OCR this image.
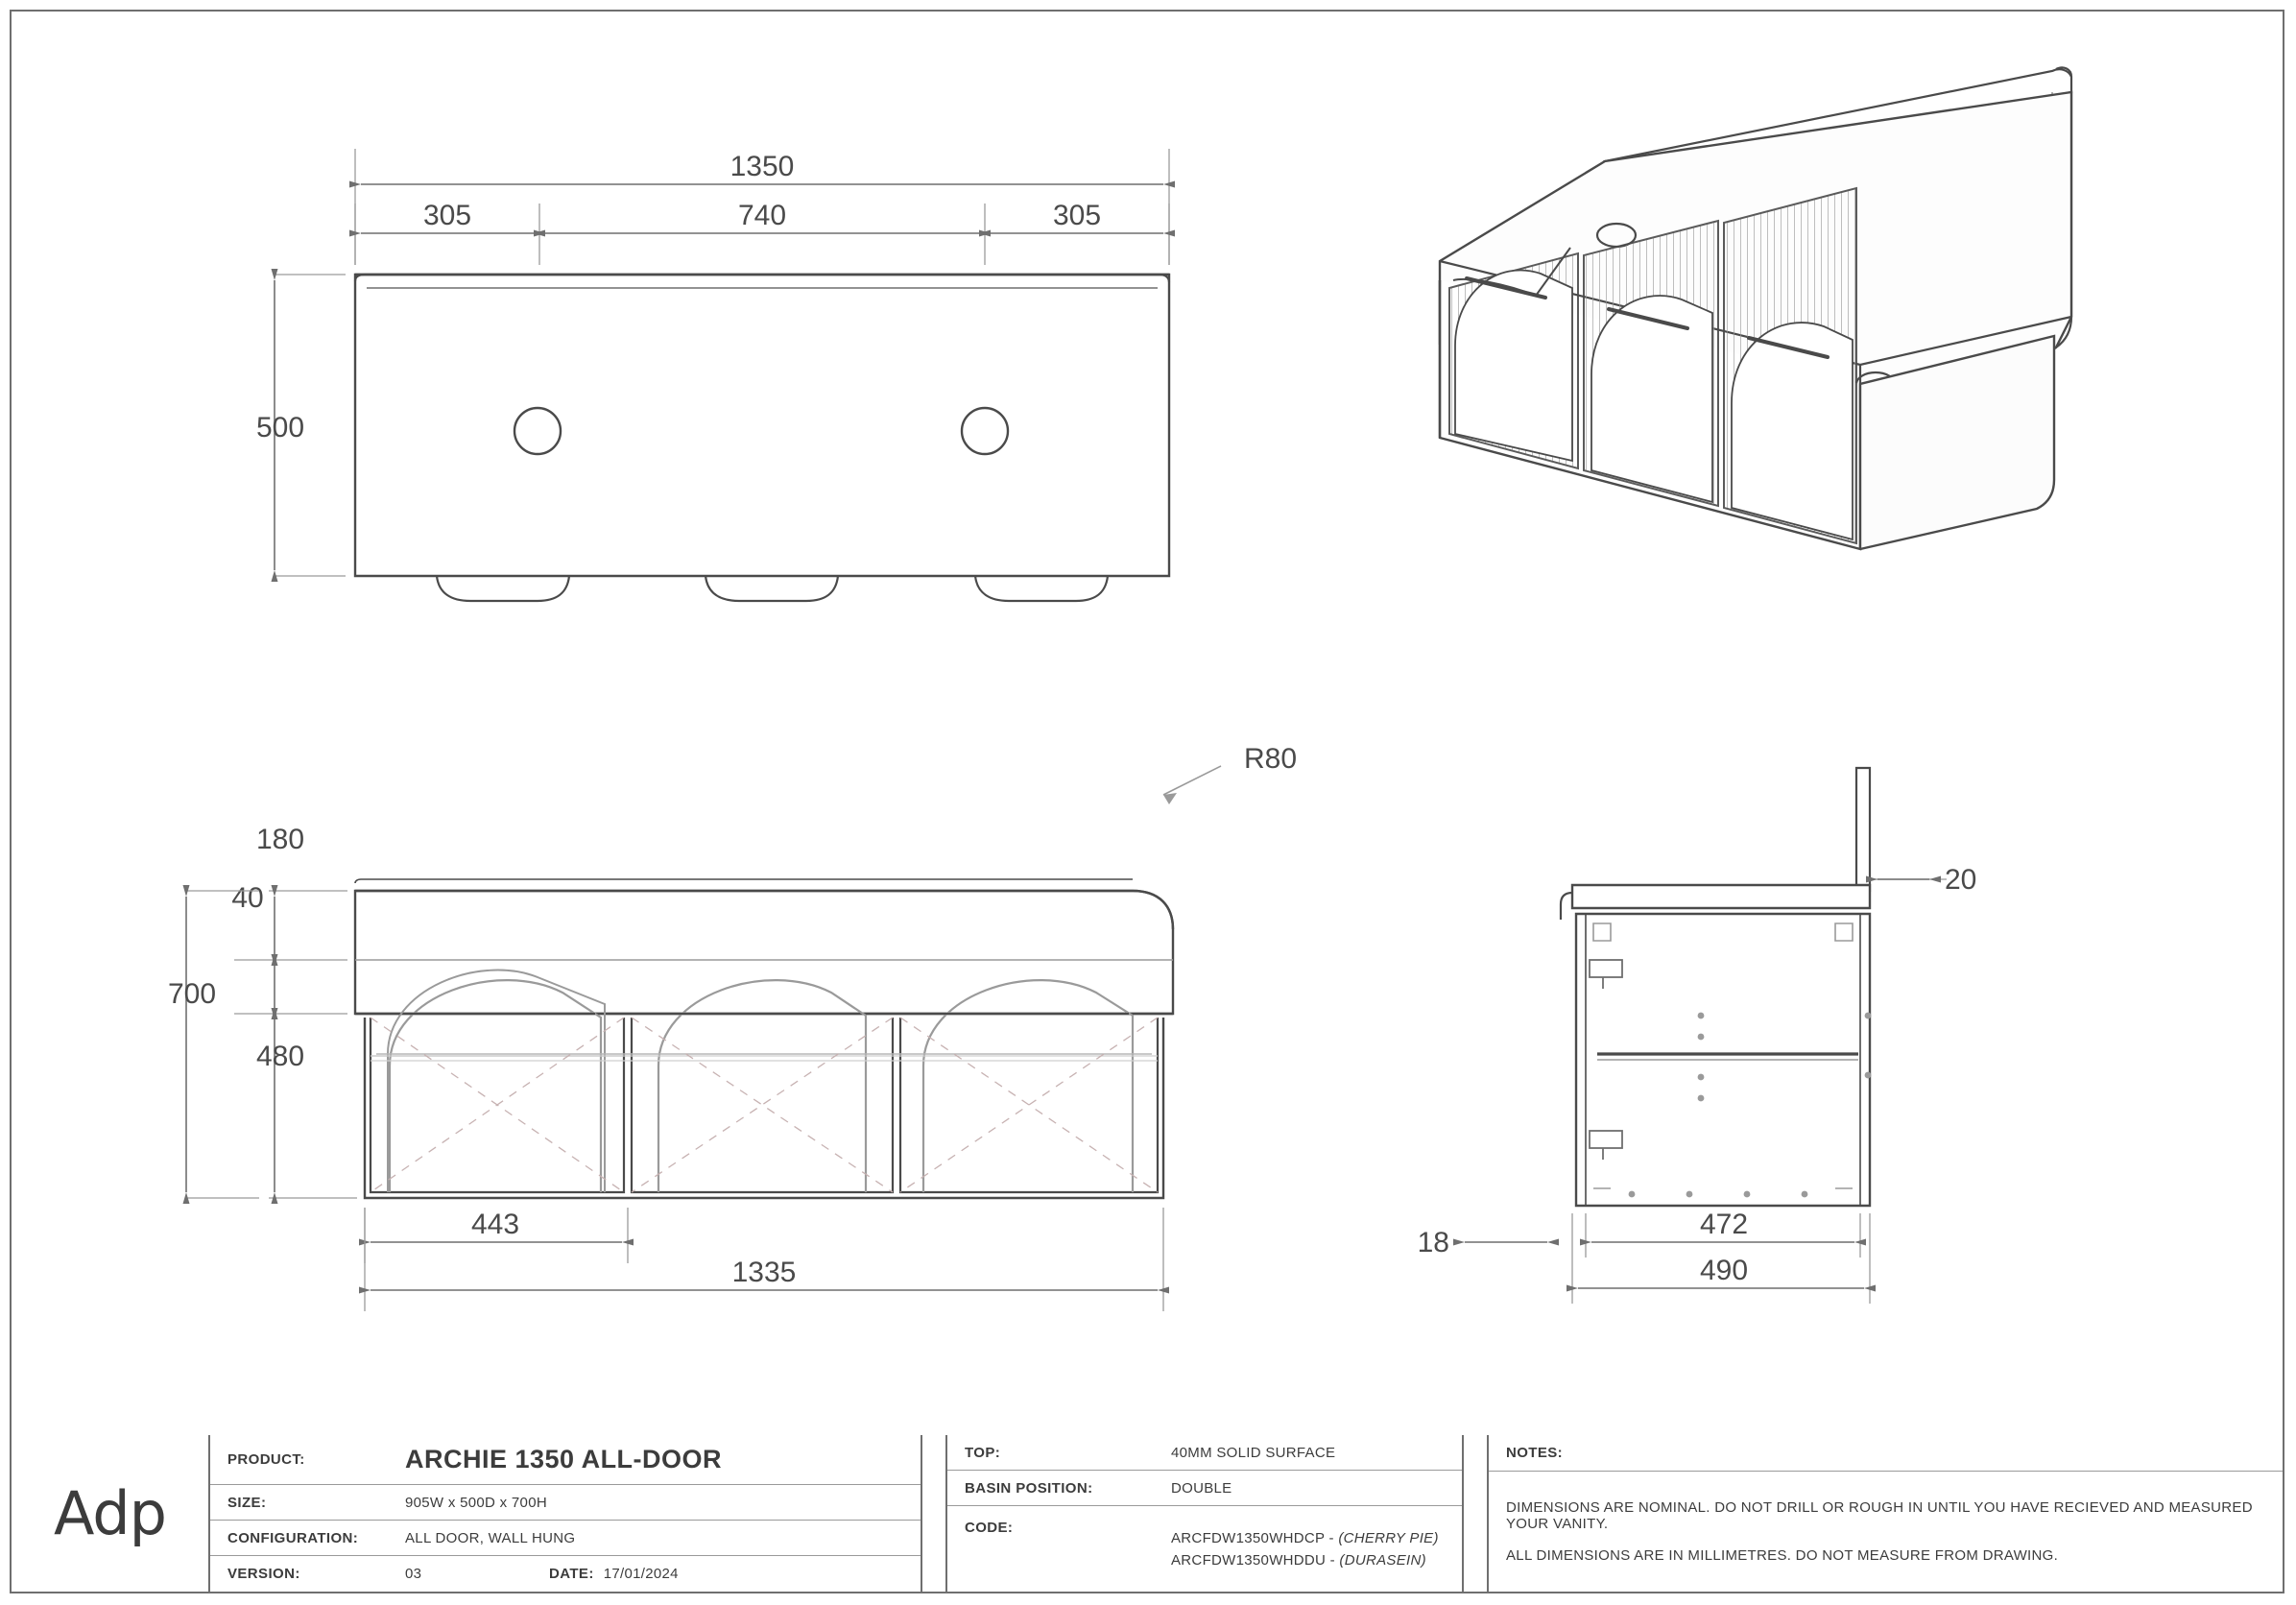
1350
305	740	305
500
R80
180
40
480
700
443
1335
20
18
472
490
Adp
PRODUCT:	ARCHIE 1350 ALL-DOOR
SIZE:	905W x 500D x 700H
CONFIGURATION:	ALL DOOR, WALL HUNG
VERSION:	03	DATE: 17/01/2024
TOP:	40MM SOLID SURFACE
BASIN POSITION:	DOUBLE
CODE:
ARCFDW1350WHDCP - (CHERRY PIE)
ARCFDW1350WHDDU - (DURASEIN)
NOTES:
DIMENSIONS ARE NOMINAL. DO NOT DRILL OR ROUGH IN UNTIL YOU HAVE RECIEVED AND MEASURED YOUR VANITY.
ALL DIMENSIONS ARE IN MILLIMETRES. DO NOT MEASURE FROM DRAWING.
